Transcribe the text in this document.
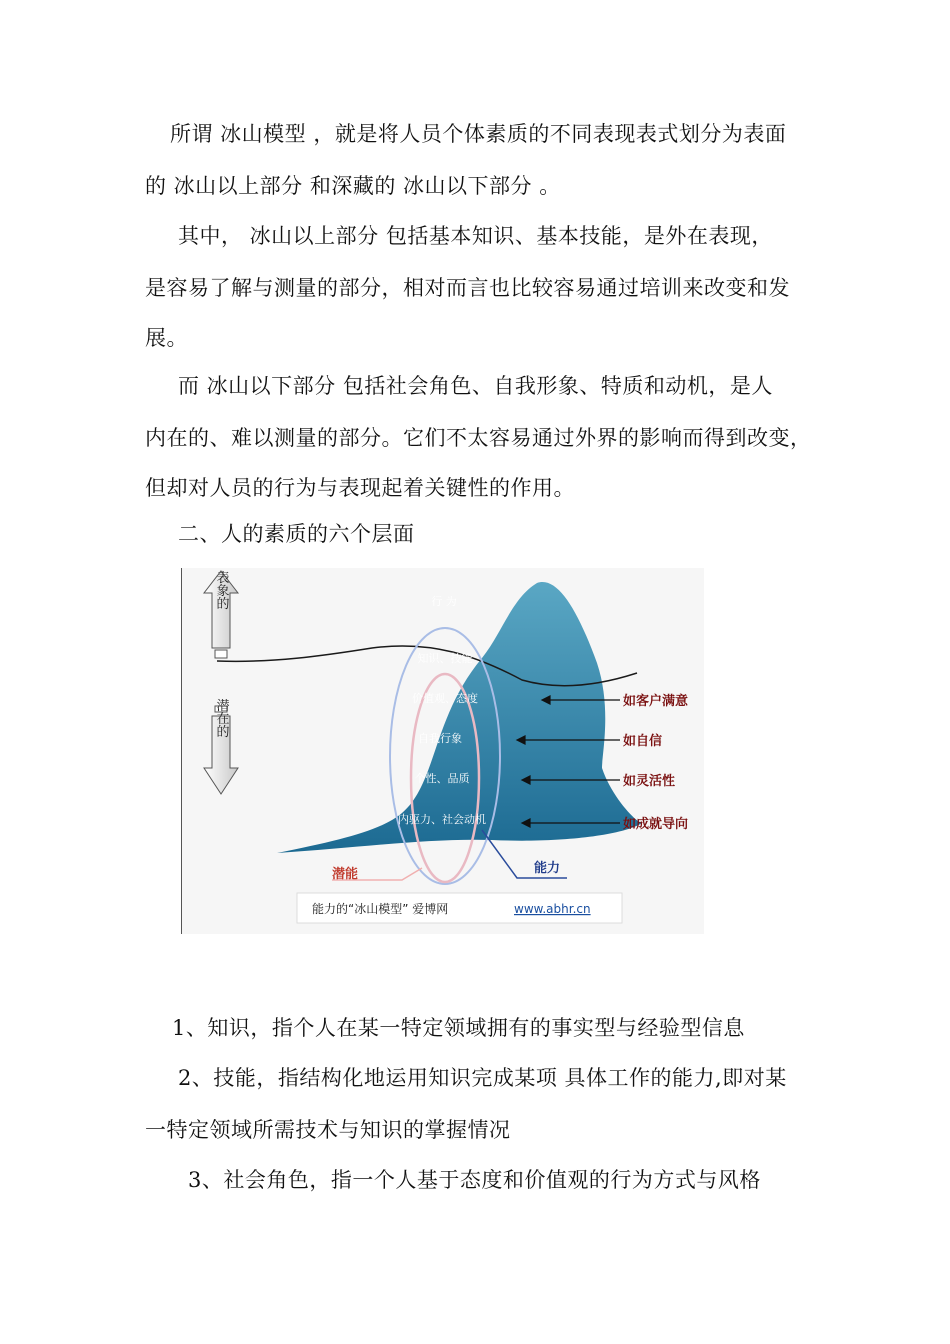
所谓 冰山模型 ，就是将人员个体素质的不同表现表式划分为表面
的 冰山以上部分 和深藏的 冰山以下部分 。
其中， 冰山以上部分 包括基本知识、基本技能，是外在表现，
是容易了解与测量的部分，相对而言也比较容易通过培训来改变和发
展。
而 冰山以下部分 包括社会角色、自我形象、特质和动机，是人
内在的、难以测量的部分。它们不太容易通过外界的影响而得到改变，
但却对人员的行为与表现起着关键性的作用。
二、人的素质的六个层面
表象的
潜在的
行 为
知识、技能
价值观、态度
自我行象
个性、品质
内驱力、社会动机
如客户满意
如自信
如灵活性
如成就导向
潜能	能力
能力的“冰山模型” 爱博网	www.abhr.cn
1、知识，指个人在某一特定领域拥有的事实型与经验型信息
2、技能，指结构化地运用知识完成某项 具体工作的能力,即对某
一特定领域所需技术与知识的掌握情况
3、社会角色，指一个人基于态度和价值观的行为方式与风格
